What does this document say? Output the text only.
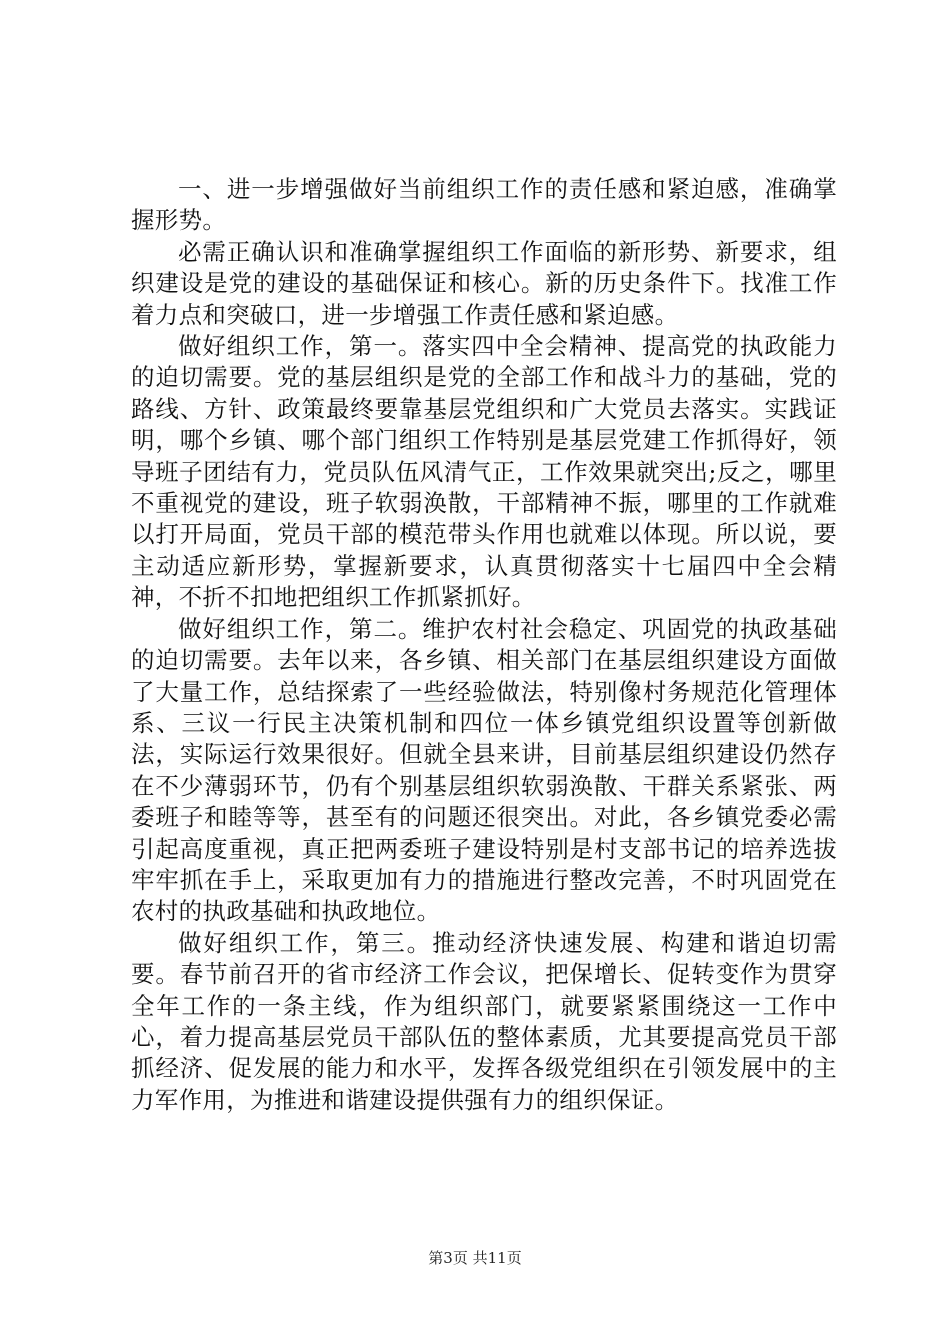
一、进一步增强做好当前组织工作的责任感和紧迫感，准确掌握形势。

必需正确认识和准确掌握组织工作面临的新形势、新要求，组织建设是党的建设的基础保证和核心。新的历史条件下。找准工作着力点和突破口，进一步增强工作责任感和紧迫感。

做好组织工作，第一。落实四中全会精神、提高党的执政能力的迫切需要。党的基层组织是党的全部工作和战斗力的基础，党的路线、方针、政策最终要靠基层党组织和广大党员去落实。实践证明，哪个乡镇、哪个部门组织工作特别是基层党建工作抓得好，领导班子团结有力，党员队伍风清气正，工作效果就突出;反之，哪里不重视党的建设，班子软弱涣散，干部精神不振，哪里的工作就难以打开局面，党员干部的模范带头作用也就难以体现。所以说，要主动适应新形势，掌握新要求，认真贯彻落实十七届四中全会精神，不折不扣地把组织工作抓紧抓好。

做好组织工作，第二。维护农村社会稳定、巩固党的执政基础的迫切需要。去年以来，各乡镇、相关部门在基层组织建设方面做了大量工作，总结探索了一些经验做法，特别像村务规范化管理体系、三议一行民主决策机制和四位一体乡镇党组织设置等创新做法，实际运行效果很好。但就全县来讲，目前基层组织建设仍然存在不少薄弱环节，仍有个别基层组织软弱涣散、干群关系紧张、两委班子和睦等等，甚至有的问题还很突出。对此，各乡镇党委必需引起高度重视，真正把两委班子建设特别是村支部书记的培养选拔牢牢抓在手上，采取更加有力的措施进行整改完善，不时巩固党在农村的执政基础和执政地位。

做好组织工作，第三。推动经济快速发展、构建和谐迫切需要。春节前召开的省市经济工作会议，把保增长、促转变作为贯穿全年工作的一条主线，作为组织部门，就要紧紧围绕这一工作中心，着力提高基层党员干部队伍的整体素质，尤其要提高党员干部抓经济、促发展的能力和水平，发挥各级党组织在引领发展中的主力军作用，为推进和谐建设提供强有力的组织保证。

第3页 共11页
